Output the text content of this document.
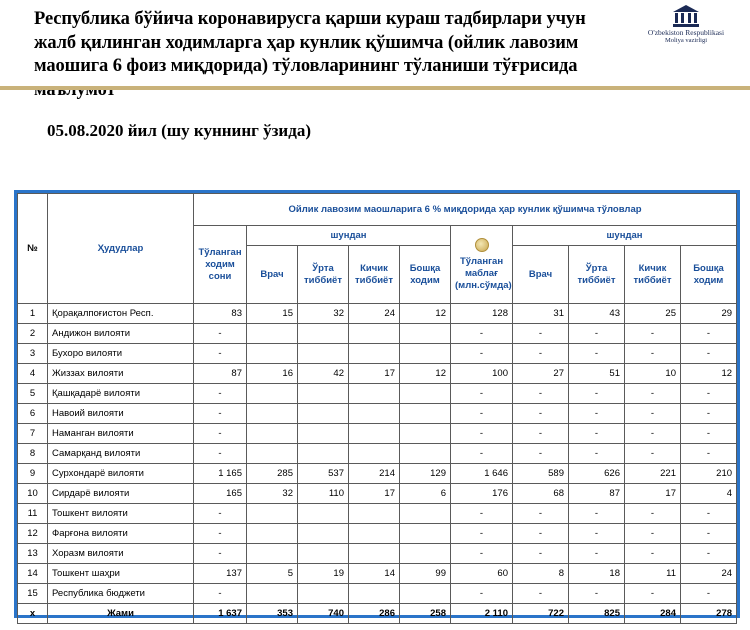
Республика бўйича коронавирусга қарши кураш тадбирлари учун жалб қилинган ходимларга ҳар кунлик қўшимча (ойлик лавозим маошига 6 фоиз миқдорида) тўловларининг тўланиши тўғрисида
O'zbekiston Respublikasi
Moliya vazirligi
05.08.2020 йил (шу куннинг ўзида)
№	Ҳудудлар	Ойлик лавозим маошларига 6 % миқдорида ҳар кунлик қўшимча тўловлар									
		Тўланган ходим сони	шундан				Тўланган маблағ (млн.сўмда)	шундан			
			Врач	Ўрта тиббиёт	Кичик тиббиёт	Бошқа ходим		Врач	Ўрта тиббиёт	Кичик тиббиёт	Бошқа ходим
1	Қорақалпоғистон Респ.	83	15	32	24	12	128	31	43	25	29
2	Андижон вилояти	-					-	-	-	-	-
3	Бухоро вилояти	-					-	-	-	-	-
4	Жиззах вилояти	87	16	42	17	12	100	27	51	10	12
5	Қашқадарё вилояти	-					-	-	-	-	-
6	Навоий вилояти	-					-	-	-	-	-
7	Наманган вилояти	-					-	-	-	-	-
8	Самарқанд вилояти	-					-	-	-	-	-
9	Сурхондарё вилояти	1 165	285	537	214	129	1 646	589	626	221	210
10	Сирдарё вилояти	165	32	110	17	6	176	68	87	17	4
11	Тошкент вилояти	-					-	-	-	-	-
12	Фарғона вилояти	-					-	-	-	-	-
13	Хоразм вилояти	-					-	-	-	-	-
14	Тошкент шаҳри	137	5	19	14	99	60	8	18	11	24
15	Республика бюджети	-					-	-	-	-	-
x	Жами	1 637	353	740	286	258	2 110	722	825	284	278
